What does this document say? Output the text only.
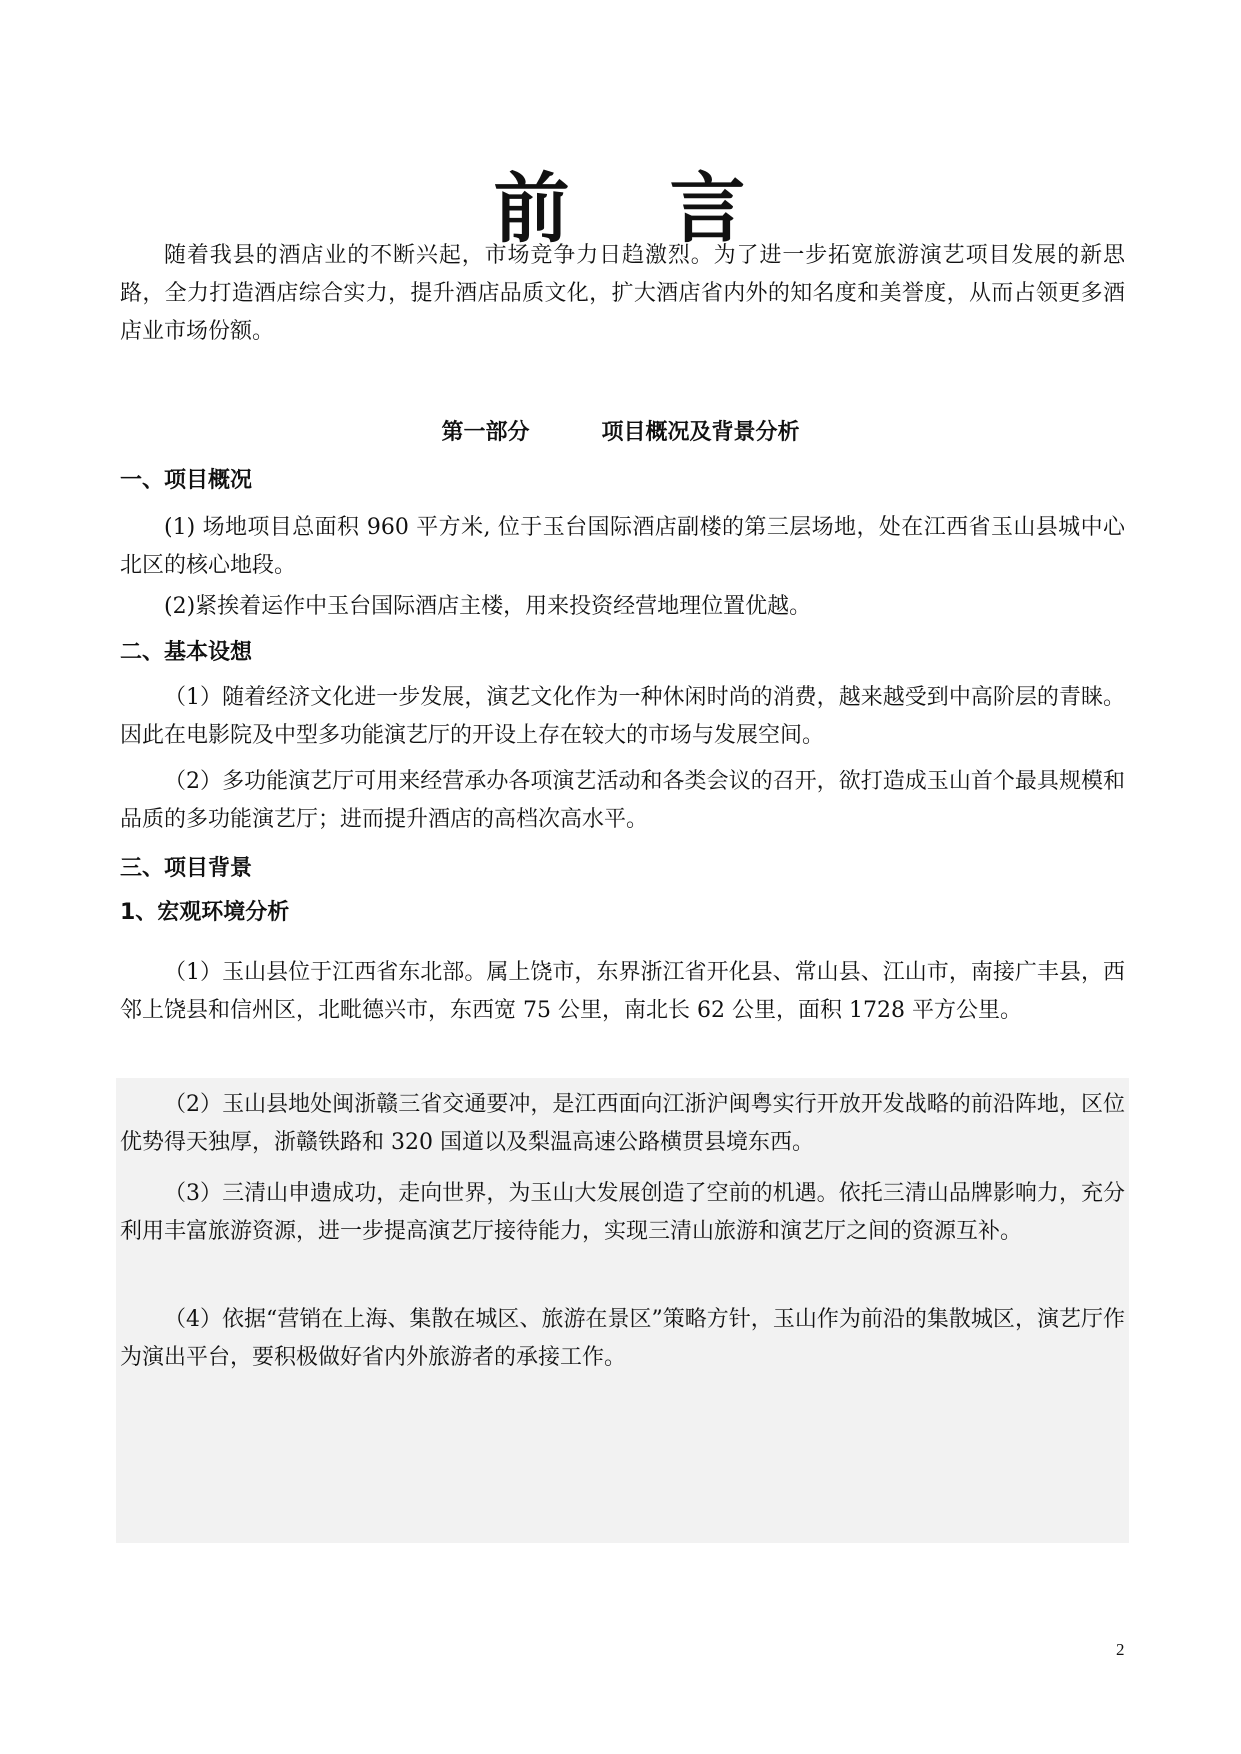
前 言

随着我县的酒店业的不断兴起，市场竞争力日趋激烈。为了进一步拓宽旅游演艺项目发展的新思路，全力打造酒店综合实力，提升酒店品质文化，扩大酒店省内外的知名度和美誉度，从而占领更多酒店业市场份额。

第一部分	项目概况及背景分析
一、项目概况

(1) 场地项目总面积 960 平方米, 位于玉台国际酒店副楼的第三层场地，处在江西省玉山县城中心北区的核心地段。

(2)紧挨着运作中玉台国际酒店主楼，用来投资经营地理位置优越。

二、基本设想

（1）随着经济文化进一步发展，演艺文化作为一种休闲时尚的消费，越来越受到中高阶层的青睐。因此在电影院及中型多功能演艺厅的开设上存在较大的市场与发展空间。

（2）多功能演艺厅可用来经营承办各项演艺活动和各类会议的召开，欲打造成玉山首个最具规模和品质的多功能演艺厅；进而提升酒店的高档次高水平。

三、项目背景
1、宏观环境分析

（1）玉山县位于江西省东北部。属上饶市，东界浙江省开化县、常山县、江山市，南接广丰县，西邻上饶县和信州区，北毗德兴市，东西宽 75 公里，南北长 62 公里，面积 1728 平方公里。

（2）玉山县地处闽浙赣三省交通要冲，是江西面向江浙沪闽粤实行开放开发战略的前沿阵地，区位优势得天独厚，浙赣铁路和 320 国道以及梨温高速公路横贯县境东西。

（3）三清山申遗成功，走向世界，为玉山大发展创造了空前的机遇。依托三清山品牌影响力，充分利用丰富旅游资源，进一步提高演艺厅接待能力，实现三清山旅游和演艺厅之间的资源互补。

（4）依据“营销在上海、集散在城区、旅游在景区”策略方针，玉山作为前沿的集散城区，演艺厅作为演出平台，要积极做好省内外旅游者的承接工作。

2
